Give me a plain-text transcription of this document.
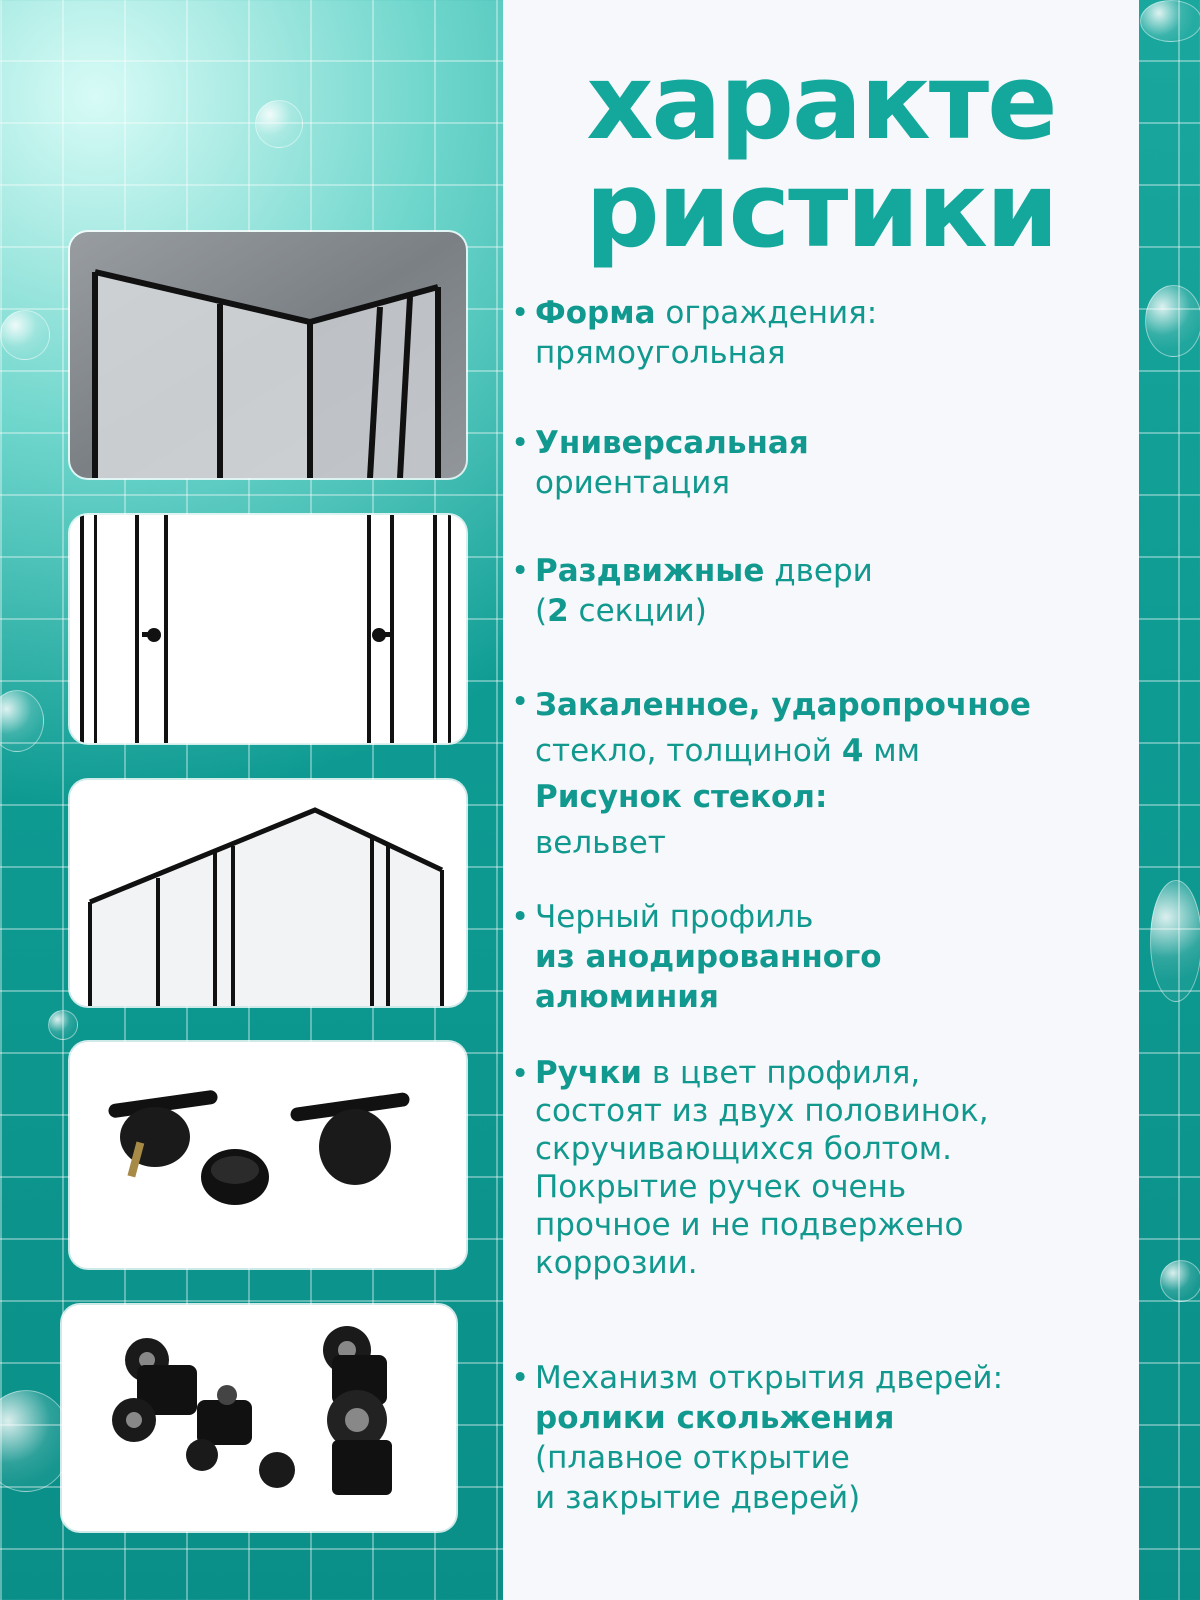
характе
ристики
• Форма ограждения:
прямоугольная
• Универсальная
ориентация
• Раздвижные двери
(2 секции)
• Закаленное, ударопрочное
стекло, толщиной 4 мм
Рисунок стекол:
вельвет
• Черный профиль
из анодированного
алюминия
• Ручки в цвет профиля,
состоят из двух половинок,
скручивающихся болтом.
Покрытие ручек очень
прочное и не подвержено
коррозии.
• Механизм открытия дверей:
ролики скольжения
(плавное открытие
и закрытие дверей)
